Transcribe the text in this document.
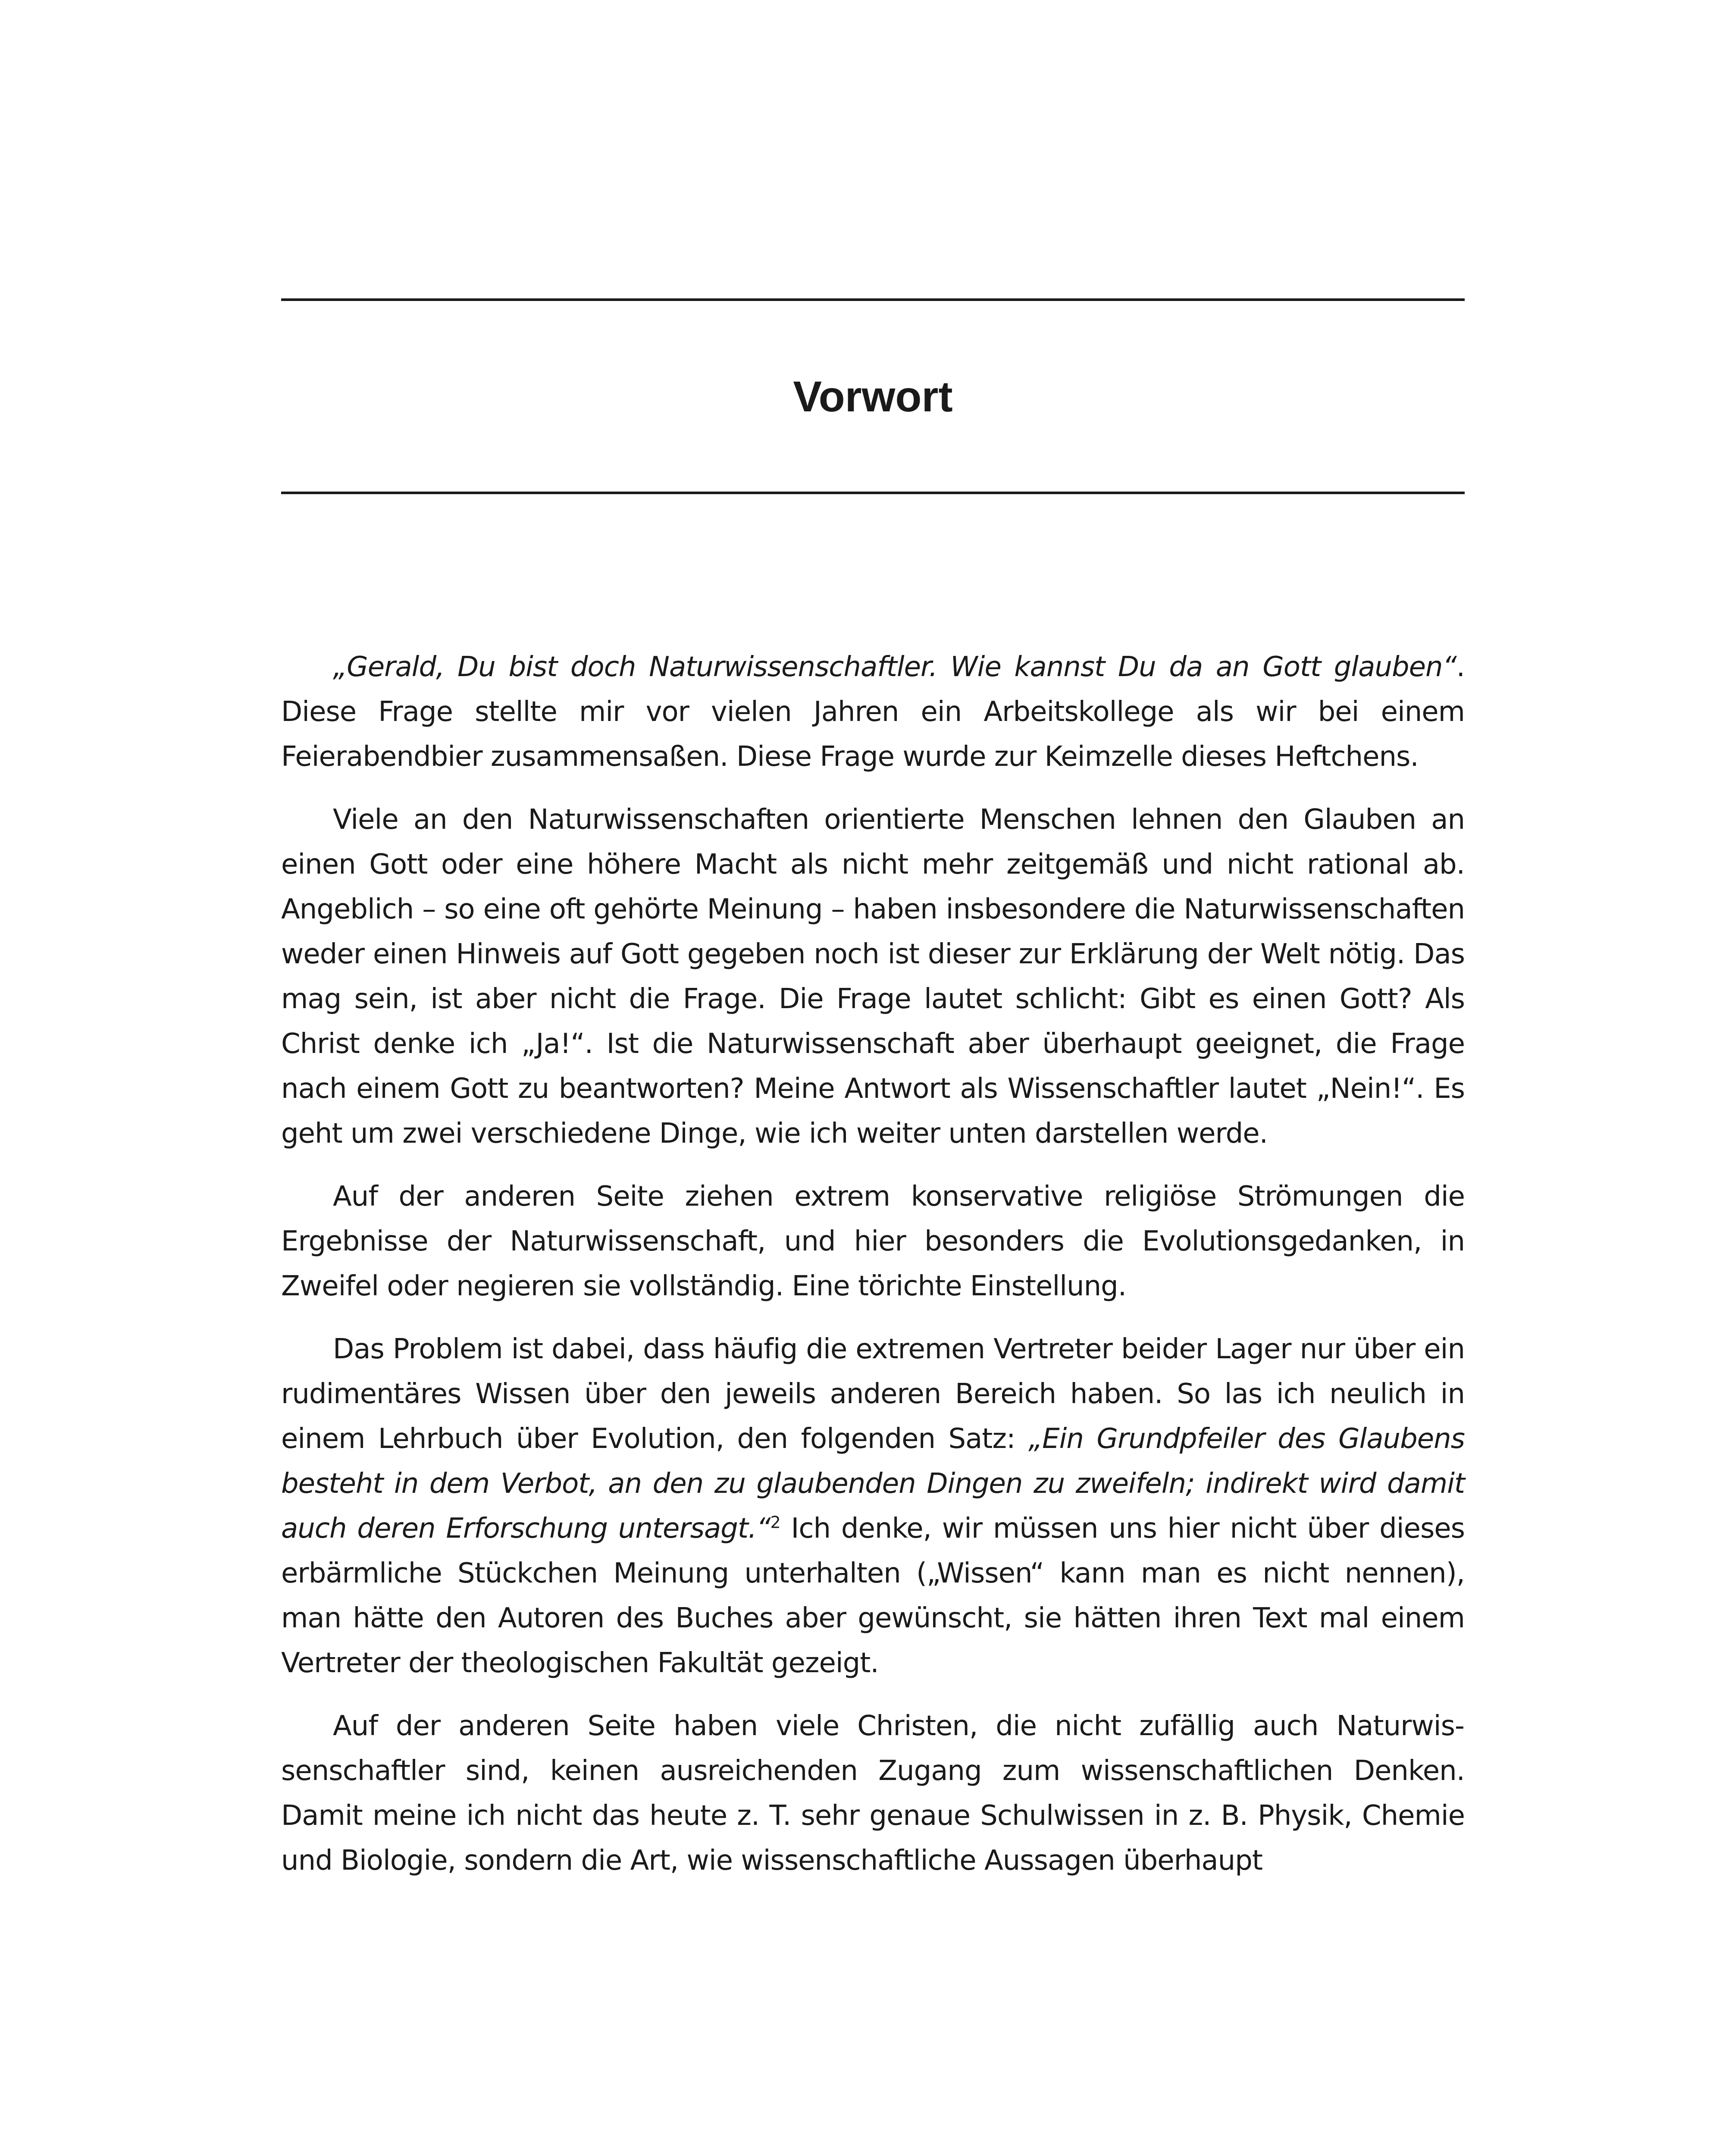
Vorwort

„Gerald, Du bist doch Naturwissenschaftler. Wie kannst Du da an Gott glauben“. Diese Frage stellte mir vor vielen Jahren ein Arbeitskollege als wir bei einem Feierabendbier zusammensaßen. Diese Frage wurde zur Keimzelle dieses Heftchens.

Viele an den Naturwissenschaften orientierte Menschen lehnen den Glauben an einen Gott oder eine höhere Macht als nicht mehr zeitgemäß und nicht rational ab. Angeblich – so eine oft gehörte Meinung – haben insbesondere die Naturwissenschaften weder einen Hinweis auf Gott gegeben noch ist dieser zur Erklärung der Welt nötig. Das mag sein, ist aber nicht die Frage. Die Frage lautet schlicht: Gibt es einen Gott? Als Christ denke ich „Ja!“. Ist die Naturwissenschaft aber überhaupt geeignet, die Frage nach einem Gott zu beantworten? Meine Antwort als Wissenschaftler lautet „Nein!“. Es geht um zwei verschiedene Dinge, wie ich weiter unten darstellen werde.

Auf der anderen Seite ziehen extrem konservative religiöse Strömungen die Ergebnisse der Naturwissenschaft, und hier besonders die Evolutionsgedanken, in Zweifel oder negieren sie vollständig. Eine törichte Einstellung.

Das Problem ist dabei, dass häufig die extremen Vertreter beider Lager nur über ein rudimentäres Wissen über den jeweils anderen Bereich haben. So las ich neulich in einem Lehrbuch über Evolution, den folgenden Satz: „Ein Grundpfeiler des Glaubens besteht in dem Verbot, an den zu glaubenden Dingen zu zweifeln; indirekt wird damit auch deren Erforschung untersagt.“$^2$ Ich denke, wir müssen uns hier nicht über dieses erbärmliche Stückchen Meinung unterhalten („Wissen“ kann man es nicht nennen), man hätte den Autoren des Buches aber gewünscht, sie hätten ihren Text mal einem Vertreter der theologischen Fakultät gezeigt.

Auf der anderen Seite haben viele Christen, die nicht zufällig auch Naturwissenschaftler sind, keinen ausreichenden Zugang zum wissenschaftlichen Denken. Damit meine ich nicht das heute z. T. sehr genaue Schulwissen in z. B. Physik, Chemie und Biologie, sondern die Art, wie wissenschaftliche Aussagen überhaupt
